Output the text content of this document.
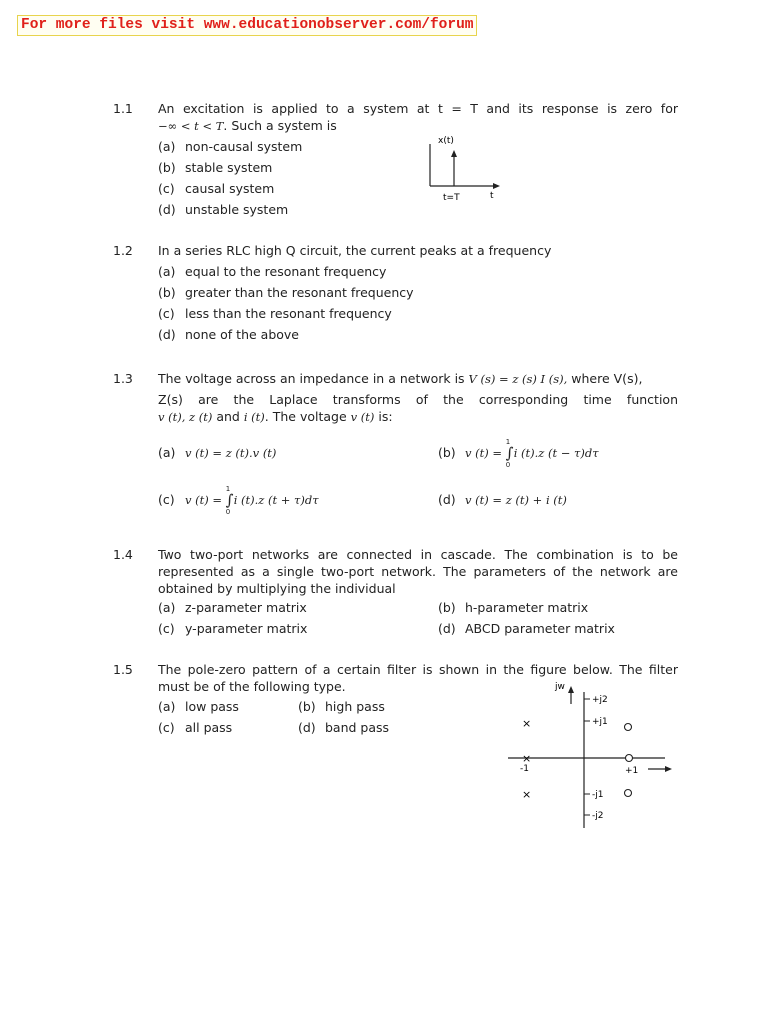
For more files visit www.educationobserver.com/forum
1.1 An excitation is applied to a system at t = T and its response is zero for
−∞ < t < T. Such a system is
(a) non-causal system
(b) stable system
(c) causal system
(d) unstable system
x(t)
t=T	t
1.2 In a series RLC high Q circuit, the current peaks at a frequency
(a) equal to the resonant frequency
(b) greater than the resonant frequency
(c) less than the resonant frequency
(d) none of the above
1.3 The voltage across an impedance in a network is V (s) = z (s) I (s), where V(s),
Z(s) are the Laplace transforms of the corresponding time function
v (t), z (t) and i (t). The voltage v (t) is:
(a) v (t) = z (t).v (t)	(b) v (t) = ∫
1
0
i (t).z (t − τ)dτ
(c) v (t) = ∫
1
0
i (t).z (t + τ)dτ	(d) v (t) = z (t) + i (t)
1.4 Two two-port networks are connected in cascade. The combination is to be represented as a single two-port network. The parameters of the network are obtained by multiplying the individual
(a) z-parameter matrix	(b) h-parameter matrix
(c) y-parameter matrix	(d) ABCD parameter matrix
1.5 The pole-zero pattern of a certain filter is shown in the figure below. The filter
must be of the following type.
(a) low pass	(b) high pass
(c) all pass	(d) band pass
jw
+j2
+j1
-j1
-j2
×
×
×
-1	+1
